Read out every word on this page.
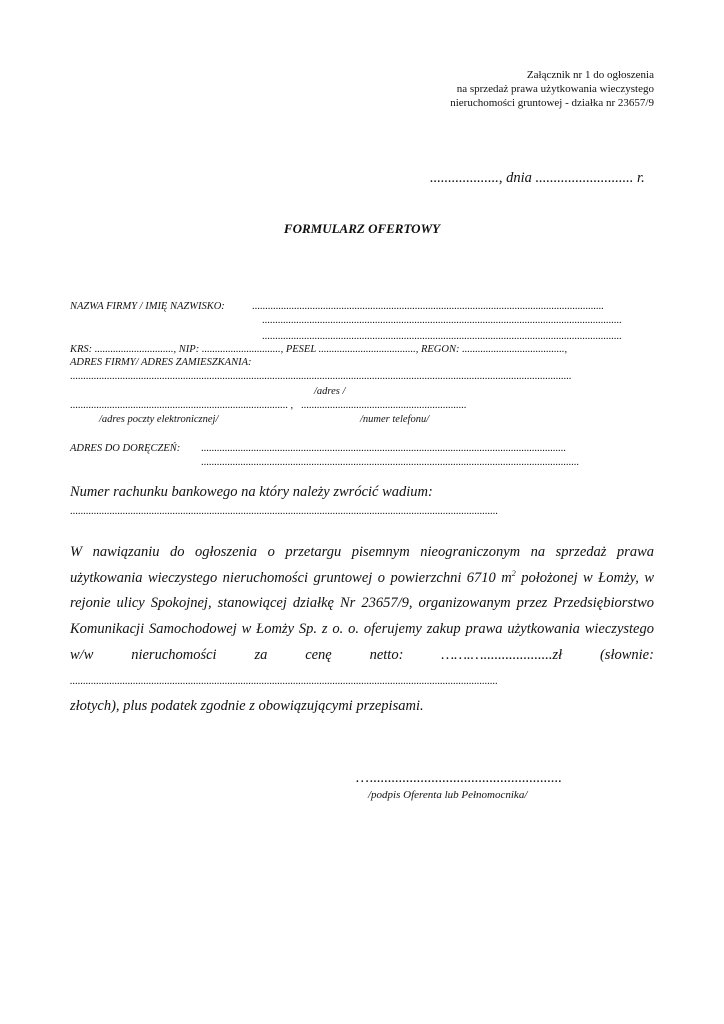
Załącznik nr 1 do ogłoszenia
na sprzedaż prawa użytkowania wieczystego
nieruchomości gruntowej - działka nr 23657/9
..................., dnia ........................... r.
FORMULARZ OFERTOWY
NAZWA FIRMY / IMIĘ NAZWISKO:	......................................................................................................................................
.........................................................................................................................................
.........................................................................................................................................
KRS: .............................., NIP: .............................., PESEL ....................................., REGON: .......................................,
ADRES FIRMY/ ADRES ZAMIESZKANIA:
...............................................................................................................................................................................................
/adres /
................................................................................... , ...............................................................
/adres poczty elektronicznej/	/numer telefonu/
ADRES DO DORĘCZEŃ: ...........................................................................................................................................
................................................................................................................................................
Numer rachunku bankowego na który należy zwrócić wadium:
...................................................................................................................................................................
W nawiązaniu do ogłoszenia o przetargu pisemnym nieograniczonym na sprzedaż prawa
użytkowania wieczystego nieruchomości gruntowej o powierzchni 6710 $m^2$ położonej w Łomży, w
rejonie ulicy Spokojnej, stanowiącej działkę Nr 23657/9, organizowanym przez Przedsiębiorstwo
Komunikacji Samochodowej w Łomży Sp. z o. o. oferujemy zakup prawa użytkowania wieczystego
w/w	nieruchomości	za	cenę	netto:	…….…...................zł	(słownie:
...................................................................................................................................................................
złotych), plus podatek zgodnie z obowiązującymi przepisami.
….....................................................
/podpis Oferenta lub Pełnomocnika/
